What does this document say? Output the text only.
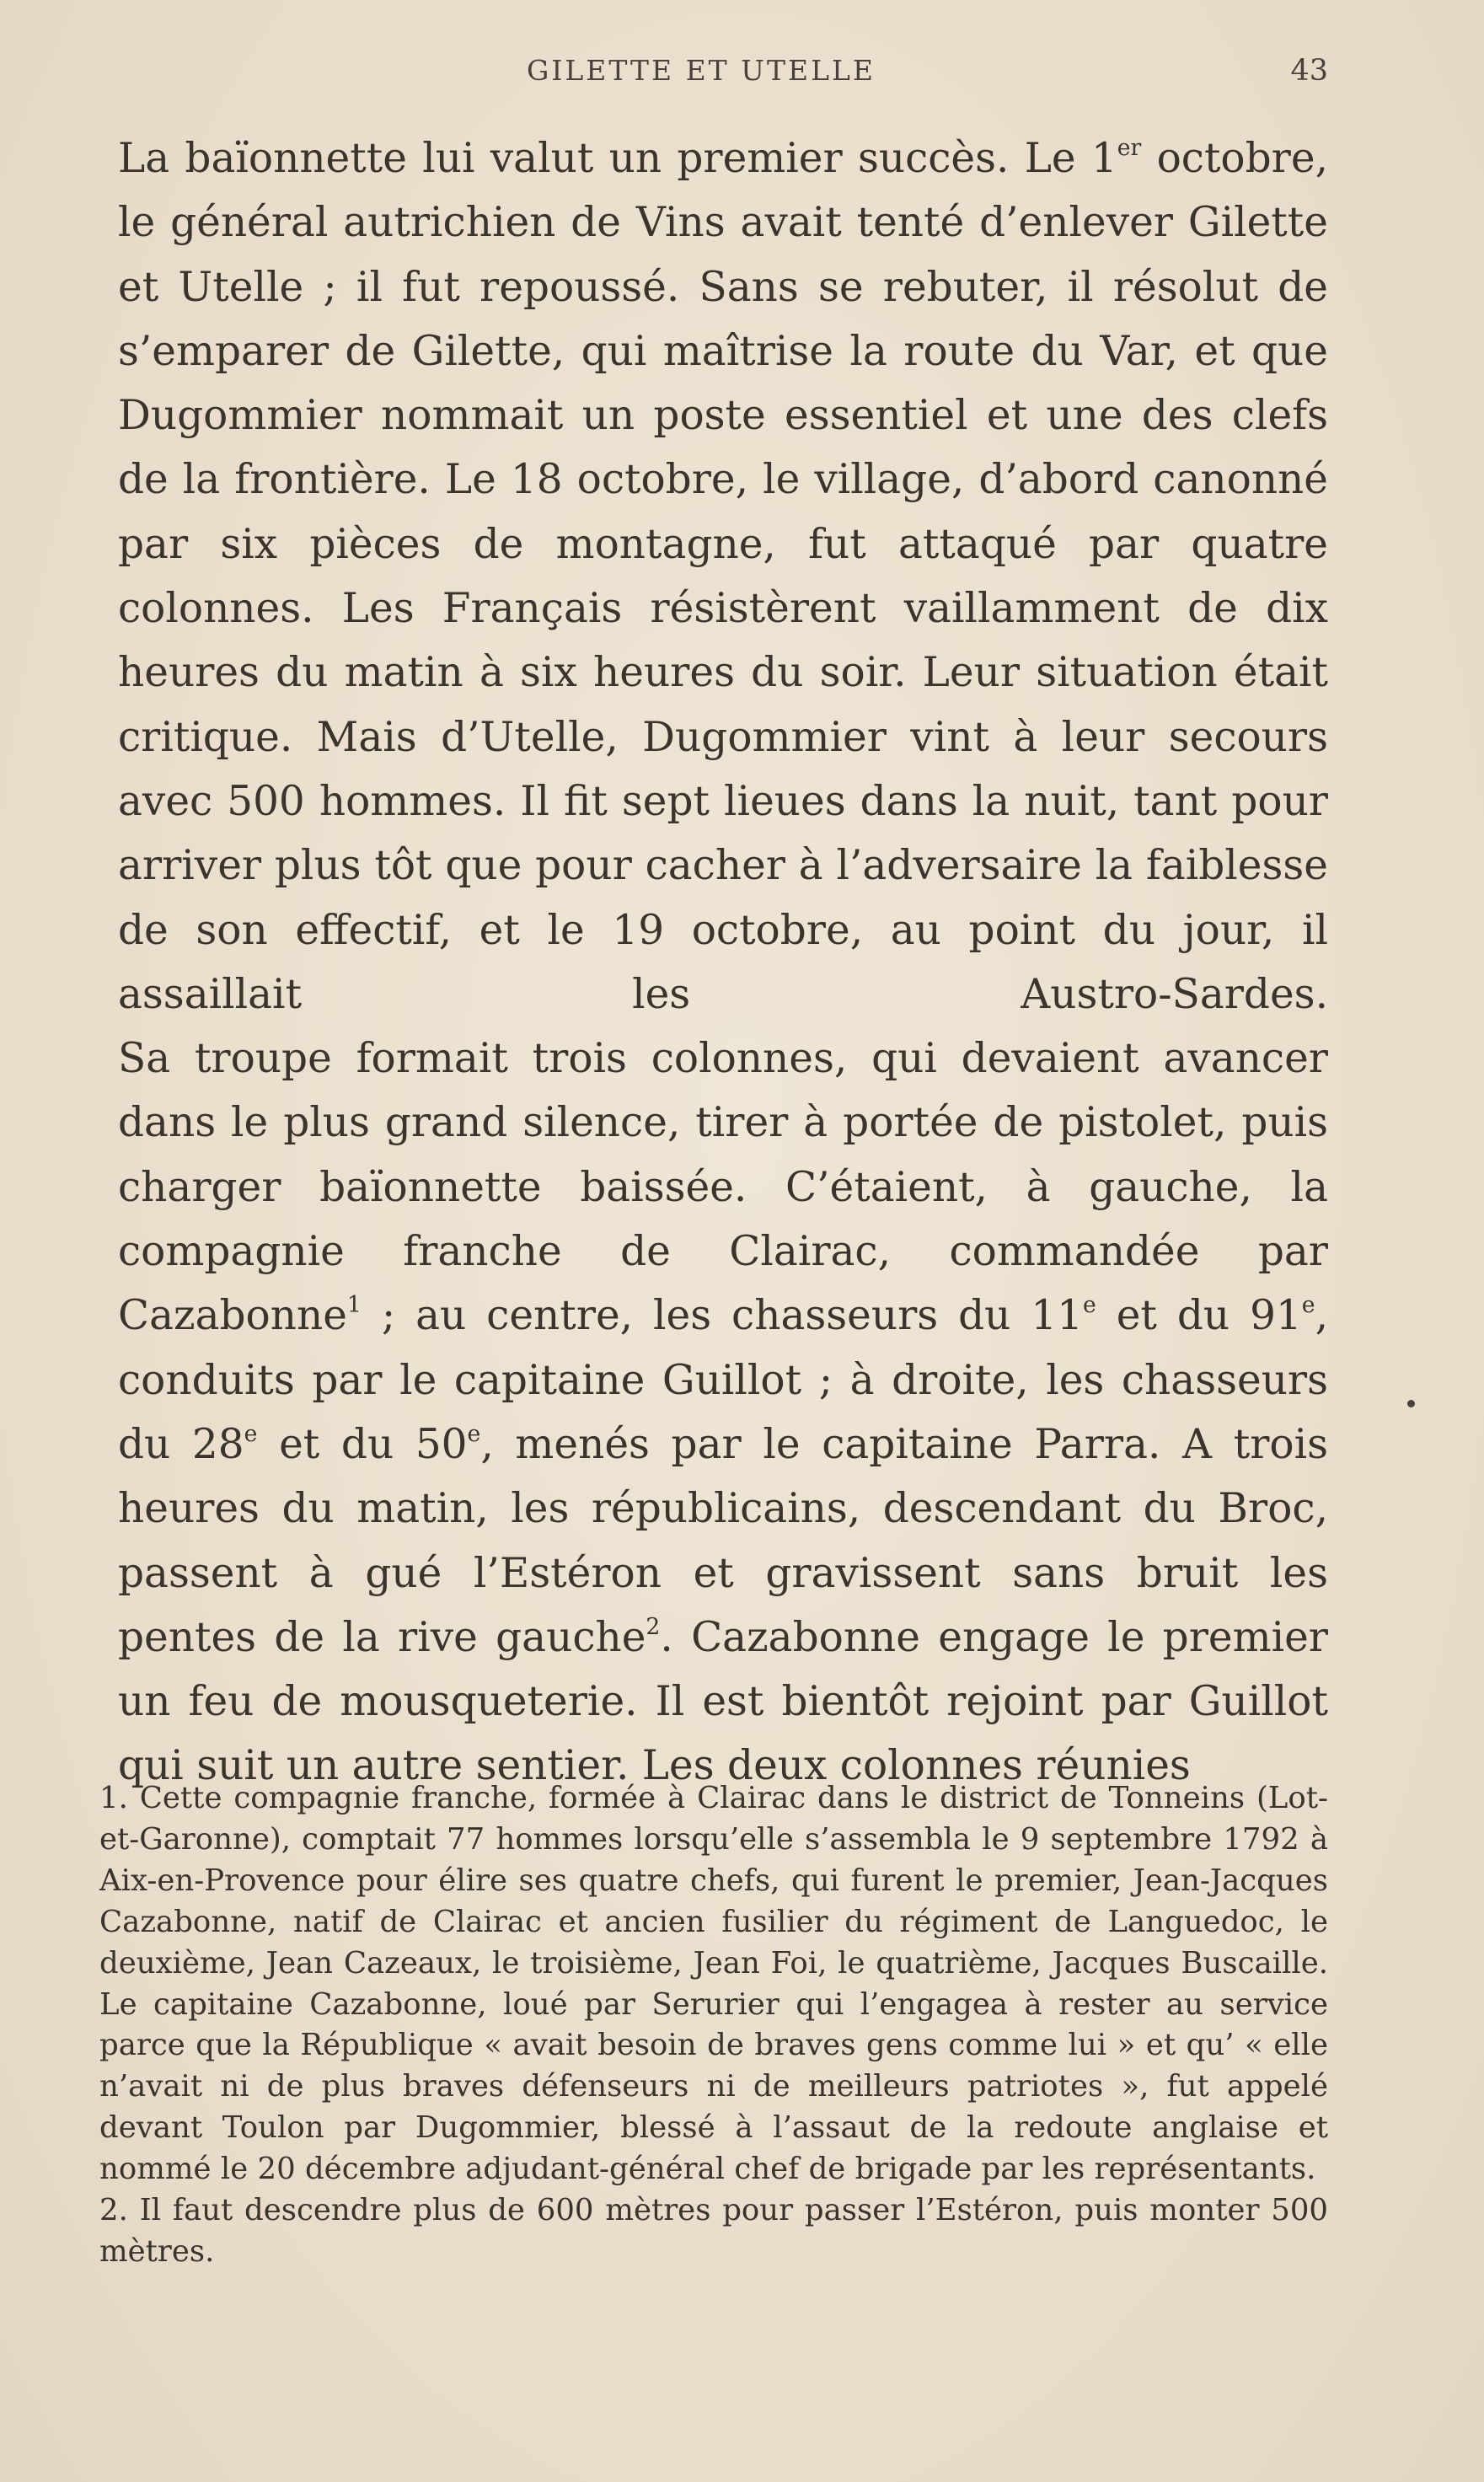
GILETTE ET UTELLE	43

La baïonnette lui valut un premier succès. Le 1er octobre, le général autrichien de Vins avait tenté d’enlever Gilette et Utelle ; il fut repoussé. Sans se rebuter, il résolut de s’emparer de Gilette, qui maîtrise la route du Var, et que Dugommier nommait un poste essentiel et une des clefs de la frontière. Le 18 octobre, le village, d’abord canonné par six pièces de montagne, fut attaqué par quatre colonnes. Les Français résistèrent vaillamment de dix heures du matin à six heures du soir. Leur situation était critique. Mais d’Utelle, Dugommier vint à leur secours avec 500 hommes. Il fit sept lieues dans la nuit, tant pour arriver plus tôt que pour cacher à l’adversaire la faiblesse de son effectif, et le 19 octobre, au point du jour, il assaillait les Austro-Sardes.

Sa troupe formait trois colonnes, qui devaient avancer dans le plus grand silence, tirer à portée de pistolet, puis charger baïonnette baissée. C’étaient, à gauche, la compagnie franche de Clairac, commandée par Cazabonne$^1$ ; au centre, les chasseurs du 11e et du 91e, conduits par le capitaine Guillot ; à droite, les chasseurs du 28e et du 50e, menés par le capitaine Parra. A trois heures du matin, les républicains, descendant du Broc, passent à gué l’Estéron et gravissent sans bruit les pentes de la rive gauche$^2$. Cazabonne engage le premier un feu de mousqueterie. Il est bientôt rejoint par Guillot qui suit un autre sentier. Les deux colonnes réunies

1. Cette compagnie franche, formée à Clairac dans le district de Tonneins (Lot-et-Garonne), comptait 77 hommes lorsqu’elle s’assembla le 9 septembre 1792 à Aix-en-Provence pour élire ses quatre chefs, qui furent le premier, Jean-Jacques Cazabonne, natif de Clairac et ancien fusilier du régiment de Languedoc, le deuxième, Jean Cazeaux, le troisième, Jean Foi, le quatrième, Jacques Buscaille. Le capitaine Cazabonne, loué par Serurier qui l’engagea à rester au service parce que la République « avait besoin de braves gens comme lui » et qu’ « elle n’avait ni de plus braves défenseurs ni de meilleurs patriotes », fut appelé devant Toulon par Dugommier, blessé à l’assaut de la redoute anglaise et nommé le 20 décembre adjudant-général chef de brigade par les représentants.

2. Il faut descendre plus de 600 mètres pour passer l’Estéron, puis monter 500 mètres.
